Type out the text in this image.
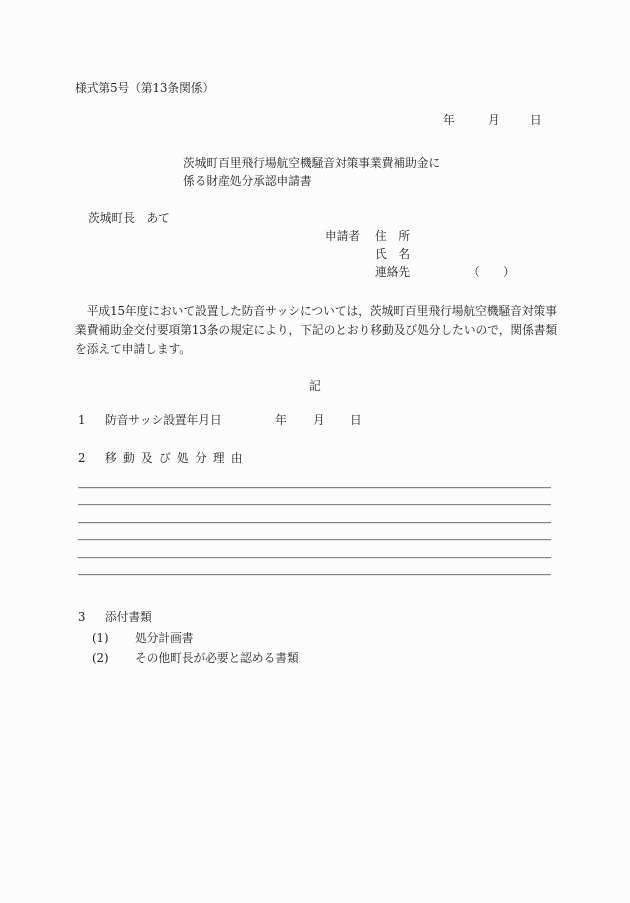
様式第5号（第13条関係）

年

	月

	日

茨城町百里飛行場航空機騒音対策事業費補助金に
係る財産処分承認申請書
茨城町長　あて
申請者 住　所
氏　名
連絡先	（　　）
　平成15年度において設置した防音サッシについては，茨城町百里飛行場航空機騒音対策事
業費補助金交付要項第13条の規定により，下記のとおり移動及び処分したいので，関係書類
を添えて申請します。
記
1 防音サッシ設置年月日	年 月 日
2 移動及び処分理由
3 添付書類
(1) 処分計画書
(2) その他町長が必要と認める書類
